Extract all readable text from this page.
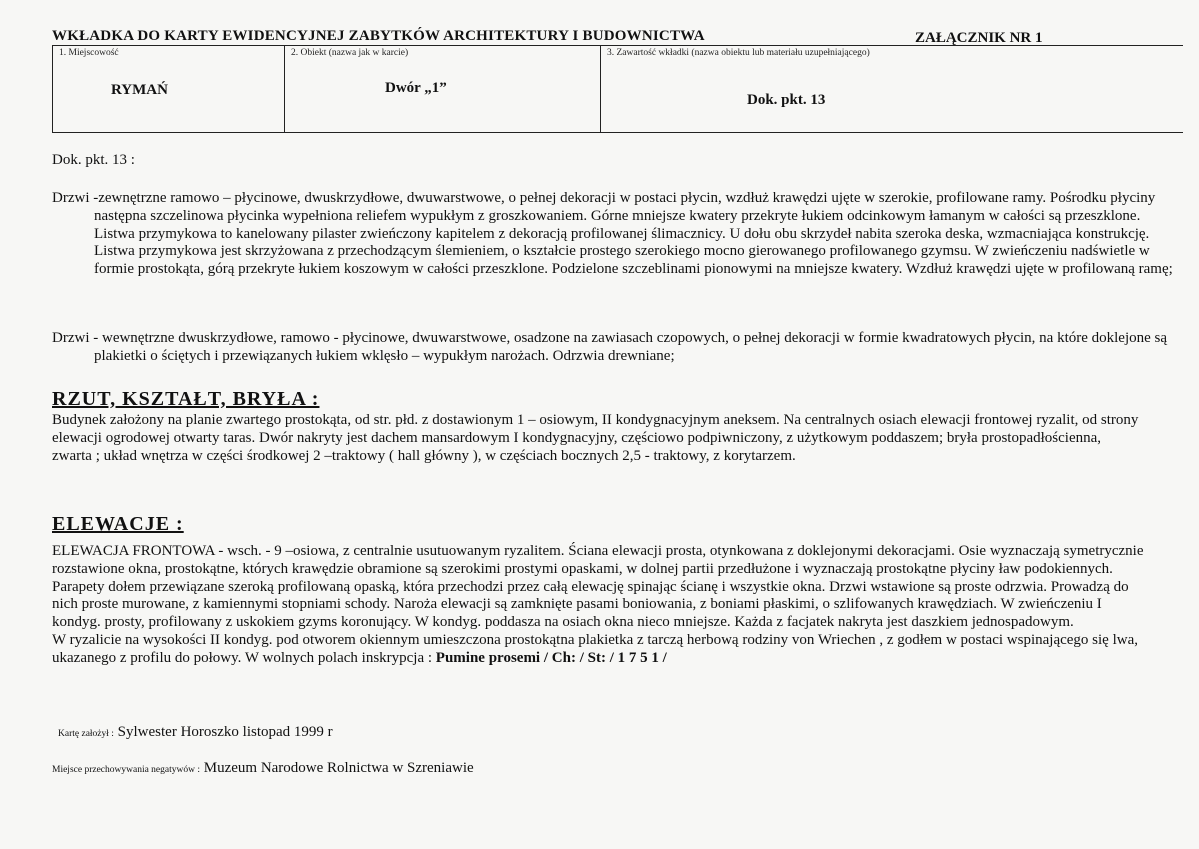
WKŁADKA DO KARTY EWIDENCYJNEJ ZABYTKÓW ARCHITEKTURY I BUDOWNICTWA	ZAŁĄCZNIK NR 1
1. Miejscowość
RYMAŃ
2. Obiekt (nazwa jak w karcie)
Dwór „1”
3. Zawartość wkładki (nazwa obiektu lub materiału uzupełniającego)
Dok. pkt. 13
Dok. pkt. 13 :
Drzwi -zewnętrzne ramowo – płycinowe, dwuskrzydłowe, dwuwarstwowe, o pełnej dekoracji w postaci płycin, wzdłuż krawędzi ujęte w szerokie, profilowane ramy. Pośrodku płyciny następna szczelinowa płycinka wypełniona reliefem wypukłym z groszkowaniem. Górne mniejsze kwatery przekryte łukiem odcinkowym łamanym w całości są przeszklone. Listwa przymykowa to kanelowany pilaster zwieńczony kapitelem z dekoracją profilowanej ślimacznicy. U dołu obu skrzydeł nabita szeroka deska, wzmacniająca konstrukcję. Listwa przymykowa jest skrzyżowana z przechodzącym ślemieniem, o kształcie prostego szerokiego mocno gierowanego profilowanego gzymsu. W zwieńczeniu nadświetle w formie prostokąta, górą przekryte łukiem koszowym w całości przeszklone. Podzielone szczeblinami pionowymi na mniejsze kwatery. Wzdłuż krawędzi ujęte w profilowaną ramę;
Drzwi - wewnętrzne dwuskrzydłowe, ramowo - płycinowe, dwuwarstwowe, osadzone na zawiasach czopowych, o pełnej dekoracji w formie kwadratowych płycin, na które doklejone są plakietki o ściętych i przewiązanych łukiem wklęsło – wypukłym narożach. Odrzwia drewniane;
RZUT, KSZTAŁT, BRYŁA :
Budynek założony na planie zwartego prostokąta, od str. płd. z dostawionym 1 – osiowym, II kondygnacyjnym aneksem. Na centralnych osiach elewacji frontowej ryzalit, od strony elewacji ogrodowej otwarty taras. Dwór nakryty jest dachem mansardowym I kondygnacyjny, częściowo podpiwniczony, z użytkowym poddaszem; bryła prostopadłościenna, zwarta ; układ wnętrza w części środkowej 2 –traktowy ( hall główny ), w częściach bocznych 2,5 - traktowy, z korytarzem.
ELEWACJE :
ELEWACJA FRONTOWA - wsch. - 9 –osiowa, z centralnie usutuowanym ryzalitem. Ściana elewacji prosta, otynkowana z doklejonymi dekoracjami. Osie wyznaczają symetrycznie rozstawione okna, prostokątne, których krawędzie obramione są szerokimi prostymi opaskami, w dolnej partii przedłużone i wyznaczają prostokątne płyciny ław podokiennych. Parapety dołem przewiązane szeroką profilowaną opaską, która przechodzi przez całą elewację spinając ścianę i wszystkie okna. Drzwi wstawione są proste odrzwia. Prowadzą do nich proste murowane, z kamiennymi stopniami schody. Naroża elewacji są zamknięte pasami boniowania, z boniami płaskimi, o szlifowanych krawędziach. W zwieńczeniu I kondyg. prosty, profilowany z uskokiem gzyms koronujący. W kondyg. poddasza na osiach okna nieco mniejsze. Każda z facjatek nakryta jest daszkiem jednospadowym.
W ryzalicie na wysokości II kondyg. pod otworem okiennym umieszczona prostokątna plakietka z tarczą herbową rodziny von Wriechen , z godłem w postaci wspinającego się lwa, ukazanego z profilu do połowy. W wolnych polach inskrypcja : Pumine prosemi / Ch: / St: / 1 7 5 1 /
Kartę założył : Sylwester Horoszko listopad 1999 r
Miejsce przechowywania negatywów : Muzeum Narodowe Rolnictwa w Szreniawie
